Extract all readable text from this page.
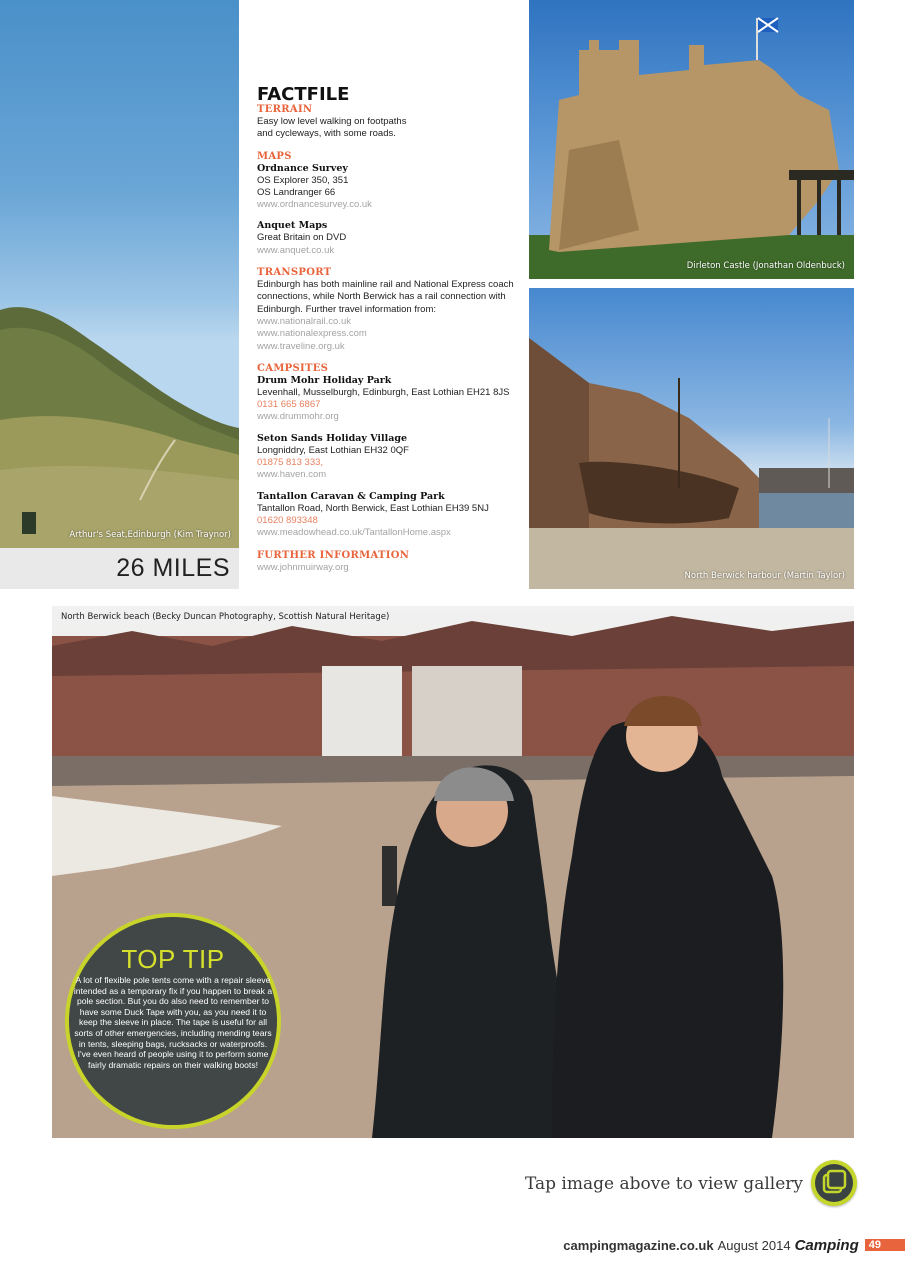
Arthur's Seat,Edinburgh (Kim Traynor)
26 MILES
FACTFILE
TERRAIN
Easy low level walking on footpaths
and cycleways, with some roads.
MAPS
Ordnance Survey
OS Explorer 350, 351
OS Landranger 66
www.ordnancesurvey.co.uk
Anquet Maps
Great Britain on DVD
www.anquet.co.uk
TRANSPORT
Edinburgh has both mainline rail and National Express coach
connections, while North Berwick has a rail connection with
Edinburgh. Further travel information from:
www.nationalrail.co.uk
www.nationalexpress.com
www.traveline.org.uk
CAMPSITES
Drum Mohr Holiday Park
Levenhall, Musselburgh, Edinburgh, East Lothian EH21 8JS
0131 665 6867
www.drummohr.org
Seton Sands Holiday Village
Longniddry, East Lothian EH32 0QF
01875 813 333,
www.haven.com
Tantallon Caravan & Camping Park
Tantallon Road, North Berwick, East Lothian EH39 5NJ
01620 893348
www.meadowhead.co.uk/TantallonHome.aspx
FURTHER INFORMATION
www.johnmuirway.org
Dirleton Castle (Jonathan Oldenbuck)
North Berwick harbour (Martin Taylor)
North Berwick beach (Becky Duncan Photography, Scottish Natural Heritage)
TOP TIP
A lot of flexible pole tents come with a repair sleeve intended as a temporary fix if you happen to break a pole section. But you do also need to remember to have some Duck Tape with you, as you need it to keep the sleeve in place. The tape is useful for all sorts of other emergencies, including mending tears in tents, sleeping bags, rucksacks or waterproofs. I've even heard of people using it to perform some fairly dramatic repairs on their walking boots!
Tap image above to view gallery
campingmagazine.co.uk August 2014 Camping 49
